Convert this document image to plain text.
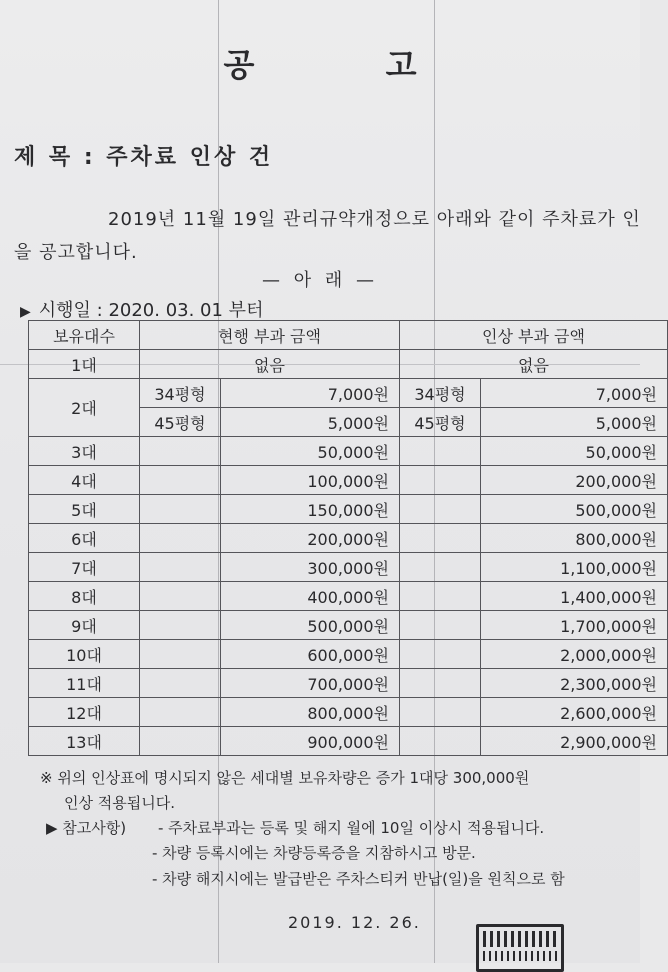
공 고
제 목 : 주차료 인상 건
2019년 11월 19일 관리규약개정으로 아래와 같이 주차료가 인
을 공고합니다.
— 아 래 —
▶ 시행일 : 2020. 03. 01 부터
보유대수	현행 부과 금액		인상 부과 금액	
1대	없음		없음	
2대	34평형	7,000원	34평형	7,000원
	45평형	5,000원	45평형	5,000원
3대		50,000원		50,000원
4대		100,000원		200,000원
5대		150,000원		500,000원
6대		200,000원		800,000원
7대		300,000원		1,100,000원
8대		400,000원		1,400,000원
9대		500,000원		1,700,000원
10대		600,000원		2,000,000원
11대		700,000원		2,300,000원
12대		800,000원		2,600,000원
13대		900,000원		2,900,000원
※ 위의 인상표에 명시되지 않은 세대별 보유차량은 증가 1대당 300,000원
인상 적용됩니다.
▶ 참고사항) - 주차료부과는 등록 및 해지 월에 10일 이상시 적용됩니다.
- 차량 등록시에는 차량등록증을 지참하시고 방문.
- 차량 해지시에는 발급받은 주차스티커 반납(일)을 원칙으로 함
2019. 12. 26.
